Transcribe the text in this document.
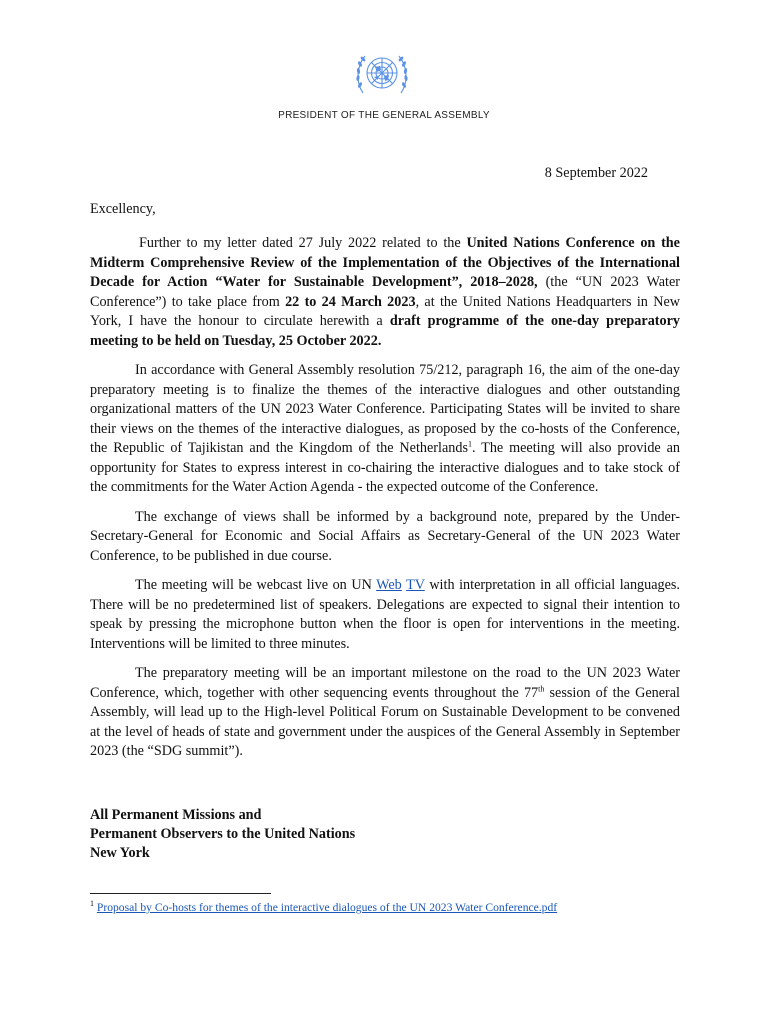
PRESIDENT OF THE GENERAL ASSEMBLY
8 September 2022
Excellency,

Further to my letter dated 27 July 2022 related to the United Nations Conference on the Midterm Comprehensive Review of the Implementation of the Objectives of the International Decade for Action “Water for Sustainable Development”, 2018–2028, (the “UN 2023 Water Conference”) to take place from 22 to 24 March 2023, at the United Nations Headquarters in New York, I have the honour to circulate herewith a draft programme of the one-day preparatory meeting to be held on Tuesday, 25 October 2022.

In accordance with General Assembly resolution 75/212, paragraph 16, the aim of the one-day preparatory meeting is to finalize the themes of the interactive dialogues and other outstanding organizational matters of the UN 2023 Water Conference. Participating States will be invited to share their views on the themes of the interactive dialogues, as proposed by the co-hosts of the Conference, the Republic of Tajikistan and the Kingdom of the Netherlands$^1$. The meeting will also provide an opportunity for States to express interest in co-chairing the interactive dialogues and to take stock of the commitments for the Water Action Agenda - the expected outcome of the Conference.

The exchange of views shall be informed by a background note, prepared by the Under-Secretary-General for Economic and Social Affairs as Secretary-General of the UN 2023 Water Conference, to be published in due course.

The meeting will be webcast live on UN Web TV with interpretation in all official languages. There will be no predetermined list of speakers. Delegations are expected to signal their intention to speak by pressing the microphone button when the floor is open for interventions in the meeting. Interventions will be limited to three minutes.

The preparatory meeting will be an important milestone on the road to the UN 2023 Water Conference, which, together with other sequencing events throughout the 77th session of the General Assembly, will lead up to the High-level Political Forum on Sustainable Development to be convened at the level of heads of state and government under the auspices of the General Assembly in September 2023 (the “SDG summit”).

All Permanent Missions and
Permanent Observers to the United Nations
New York
$^1$ Proposal by Co-hosts for themes of the interactive dialogues of the UN 2023 Water Conference.pdf
